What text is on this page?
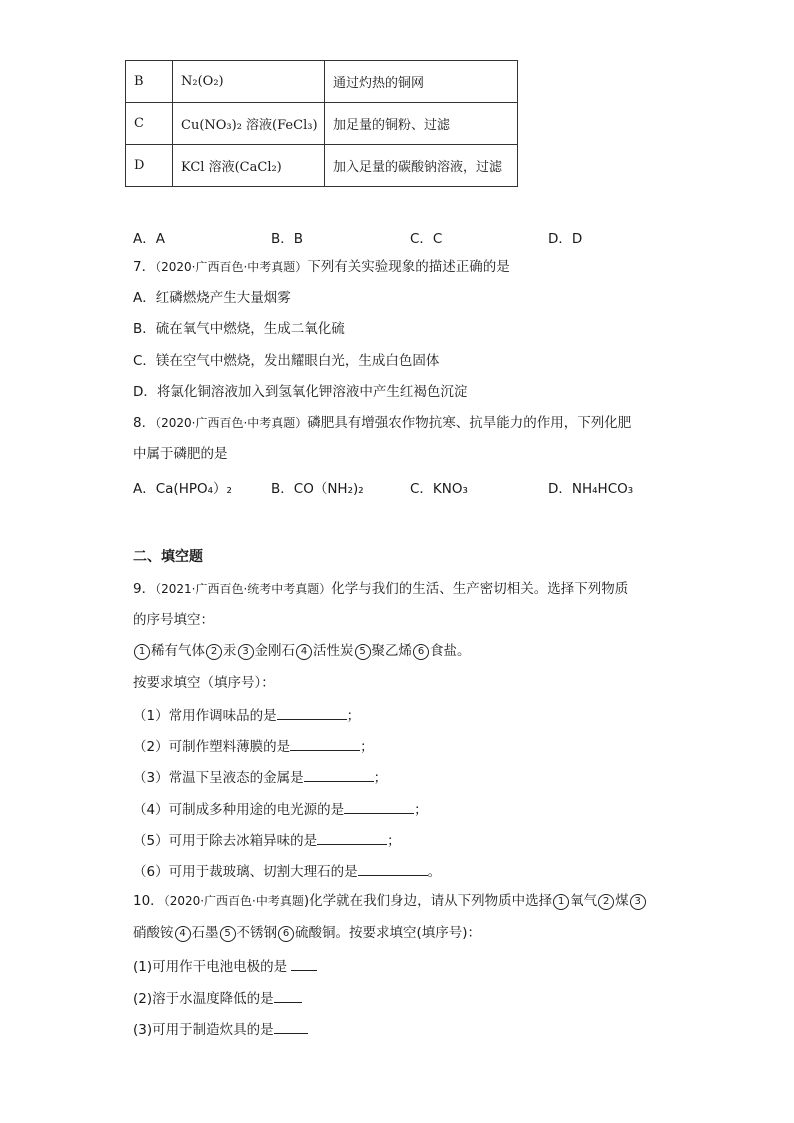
B	N₂(O₂)	通过灼热的铜网
C	Cu(NO₃)₂ 溶液(FeCl₃)	加足量的铜粉、过滤
D	KCl 溶液(CaCl₂)	加入足量的碳酸钠溶液，过滤
A．A	B．B	C．C	D．D
7．（2020·广西百色·中考真题）下列有关实验现象的描述正确的是
A．红磷燃烧产生大量烟雾
B．硫在氧气中燃烧，生成二氧化硫
C．镁在空气中燃烧，发出耀眼白光，生成白色固体
D．将氯化铜溶液加入到氢氧化钾溶液中产生红褐色沉淀
8．（2020·广西百色·中考真题）磷肥具有增强农作物抗寒、抗旱能力的作用，下列化肥
中属于磷肥的是
A．Ca(HPO₄）₂	B．CO（NH₂)₂	C．KNO₃	D．NH₄HCO₃
二、填空题
9．（2021·广西百色·统考中考真题）化学与我们的生活、生产密切相关。选择下列物质
的序号填空：
1 稀有气体 2 汞 3 金刚石 4 活性炭 5 聚乙烯 6 食盐。
按要求填空（填序号）：
（1）常用作调味品的是	；
（2）可制作塑料薄膜的是	；
（3）常温下呈液态的金属是	；
（4）可制成多种用途的电光源的是	；
（5）可用于除去冰箱异味的是	；
（6）可用于裁玻璃、切割大理石的是	。
10．（2020·广西百色·中考真题)化学就在我们身边，请从下列物质中选择 1 氧气 2 煤 3
硝酸铵 4 石墨 5 不锈钢 6 硫酸铜。按要求填空(填序号)：
(1)可用作干电池电极的是
(2)溶于水温度降低的是
(3)可用于制造炊具的是
